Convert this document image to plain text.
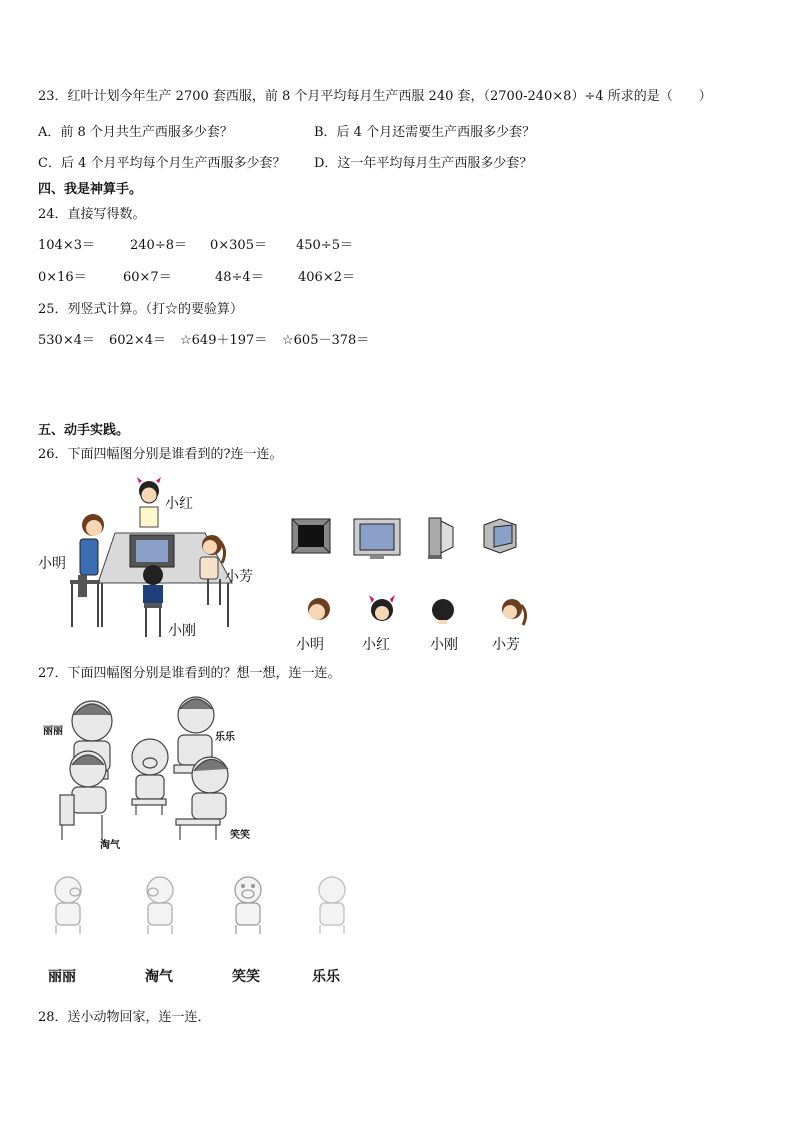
23．红叶计划今年生产 2700 套西服，前 8 个月平均每月生产西服 240 套，（2700-240×8）÷4 所求的是（　　）
A．前 8 个月共生产西服多少套？	B．后 4 个月还需要生产西服多少套？
C．后 4 个月平均每个月生产西服多少套？ D．这一年平均每月生产西服多少套？
四、我是神算手。
24．直接写得数。
104×3＝	240÷8＝ 0×305＝ 450÷5＝
0×16＝	60×7＝	48÷4＝	406×2＝
25．列竖式计算。（打☆的要验算）
530×4＝ 602×4＝ ☆649＋197＝ ☆605－378＝
五、动手实践。
26．下面四幅图分别是谁看到的?连一连。
小红
小明
小芳
小刚
小明	小红	小刚 小芳
27．下面四幅图分别是谁看到的？想一想，连一连。
丽丽
乐乐
淘气
笑笑
丽丽	淘气	笑笑	乐乐
28．送小动物回家，连一连．
